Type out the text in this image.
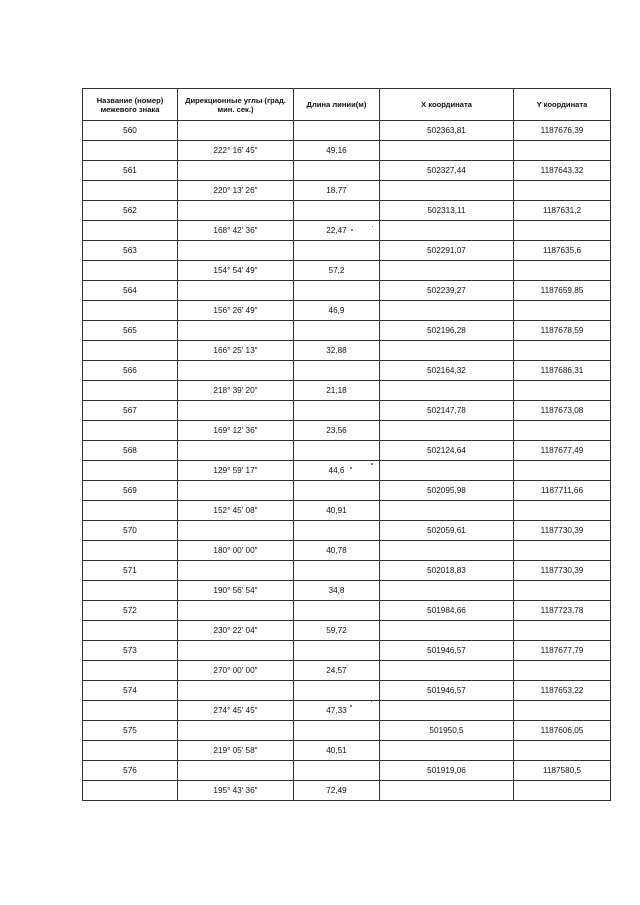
Название (номер) межевого знака	Дирекционные углы (град. мин. сек.)	Длина линии(м)	X координата	Y координата
560			502363,81	1187676,39
	222° 16' 45"	49,16		
561			502327,44	1187643,32
	220° 13' 26"	18,77		
562			502313,11	1187631,2
	168° 42' 36"	22,47		
563			502291,07	1187635,6
	154° 54' 49"	57,2		
564			502239,27	1187659,85
	156° 26' 49"	46,9		
565			502196,28	1187678,59
	166° 25' 13"	32,88		
566			502164,32	1187686,31
	218° 39' 20"	21,18		
567			502147,78	1187673,08
	169° 12' 36"	23,56		
568			502124,64	1187677,49
	129° 59' 17"	44,6		
569			502095,98	1187711,66
	152° 45' 08"	40,91		
570			502059,61	1187730,39
	180° 00' 00"	40,78		
571			502018,83	1187730,39
	190° 56' 54"	34,8		
572			501984,66	1187723,78
	230° 22' 04"	59,72		
573			501946,57	1187677,79
	270° 00' 00"	24,57		
574			501946,57	1187653,22
	274° 45' 45"	47,33		
575			501950,5	1187606,05
	219° 05' 58"	40,51		
576			501919,06	1187580,5
	195° 43' 36"	72,49		
